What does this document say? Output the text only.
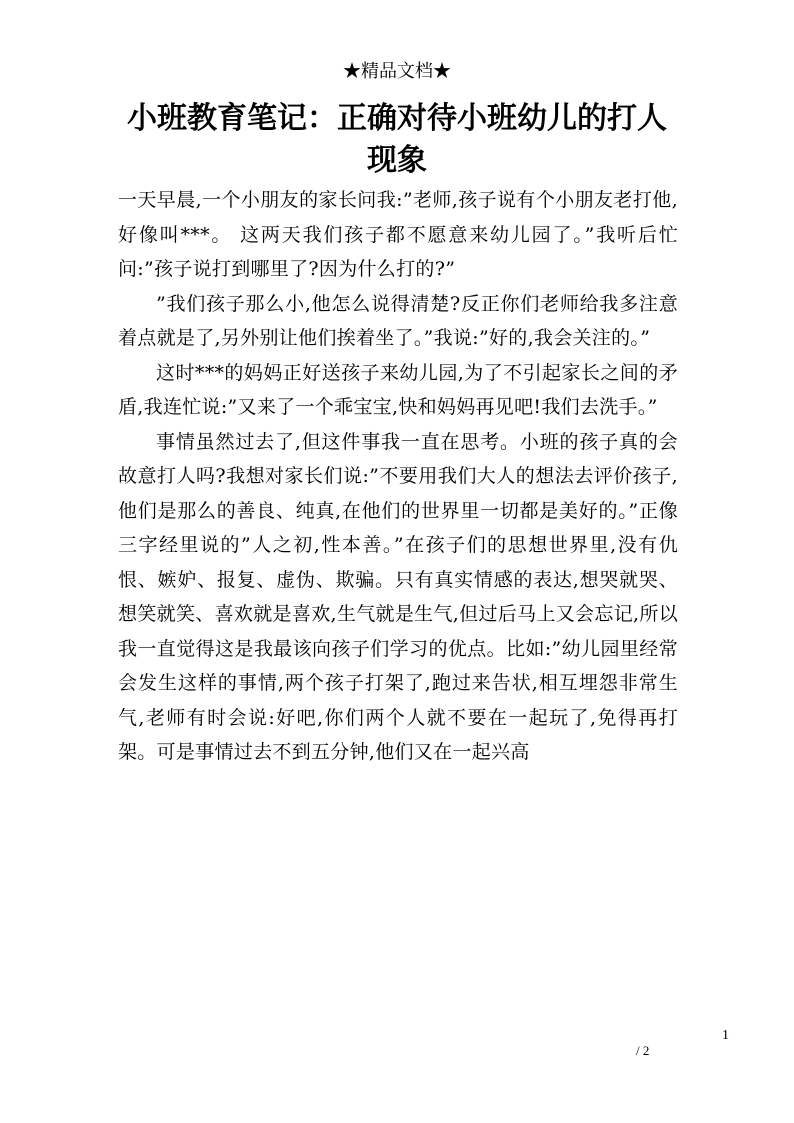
★精品文档★
小班教育笔记：正确对待小班幼儿的打人现象

一天早晨,一个小朋友的家长问我:”老师,孩子说有个小朋友老打他,好像叫***。 这两天我们孩子都不愿意来幼儿园了。”我听后忙问:”孩子说打到哪里了?因为什么打的?”

”我们孩子那么小,他怎么说得清楚?反正你们老师给我多注意着点就是了,另外别让他们挨着坐了。”我说:”好的,我会关注的。”

这时***的妈妈正好送孩子来幼儿园,为了不引起家长之间的矛盾,我连忙说:”又来了一个乖宝宝,快和妈妈再见吧!我们去洗手。”

事情虽然过去了,但这件事我一直在思考。小班的孩子真的会故意打人吗?我想对家长们说:”不要用我们大人的想法去评价孩子,他们是那么的善良、纯真,在他们的世界里一切都是美好的。”正像三字经里说的”人之初,性本善。”在孩子们的思想世界里,没有仇恨、嫉妒、报复、虚伪、欺骗。只有真实情感的表达,想哭就哭、想笑就笑、喜欢就是喜欢,生气就是生气,但过后马上又会忘记,所以我一直觉得这是我最该向孩子们学习的优点。比如:”幼儿园里经常会发生这样的事情,两个孩子打架了,跑过来告状,相互埋怨非常生气,老师有时会说:好吧,你们两个人就不要在一起玩了,免得再打架。可是事情过去不到五分钟,他们又在一起兴高

1
/ 2
